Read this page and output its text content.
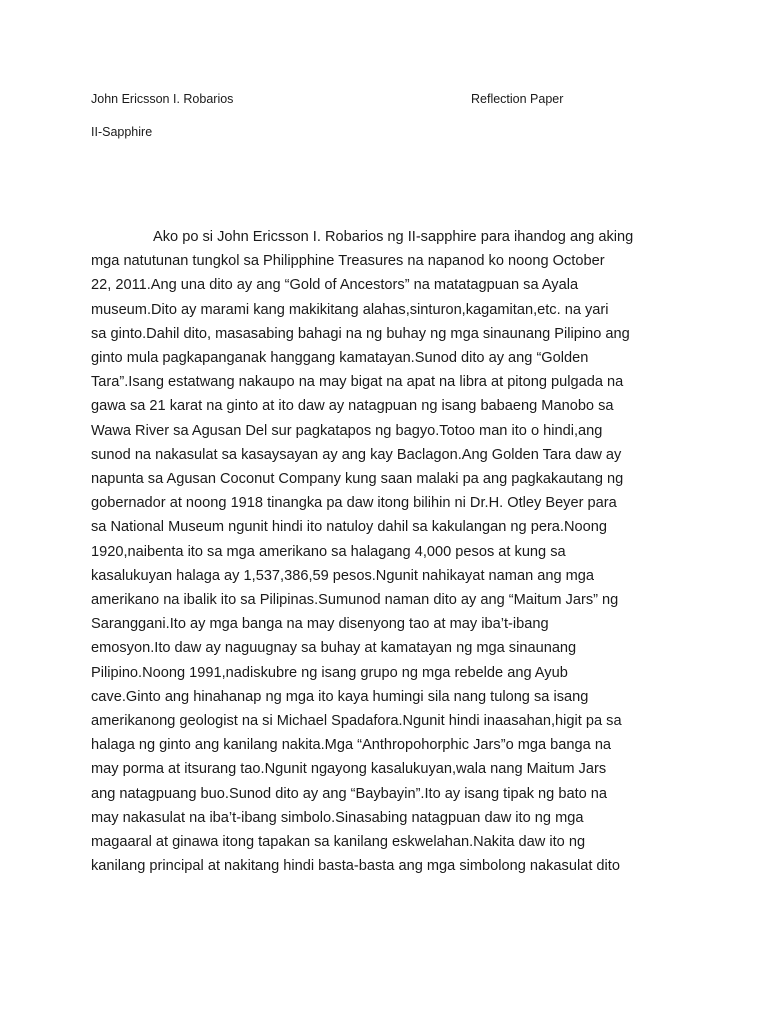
John Ericsson I. Robarios	Reflection Paper
II-Sapphire
Ako po si John Ericsson I. Robarios ng II-sapphire para ihandog ang aking
mga natutunan tungkol sa Philipphine Treasures na napanod ko noong October
22, 2011.Ang una dito ay ang “Gold of Ancestors” na matatagpuan sa Ayala
museum.Dito ay marami kang makikitang alahas,sinturon,kagamitan,etc. na yari
sa ginto.Dahil dito, masasabing bahagi na ng buhay ng mga sinaunang Pilipino ang
ginto mula pagkapanganak hanggang kamatayan.Sunod dito ay ang “Golden
Tara”.Isang estatwang nakaupo na may bigat na apat na libra at pitong pulgada na
gawa sa 21 karat na ginto at ito daw ay natagpuan ng isang babaeng Manobo sa
Wawa River sa Agusan Del sur pagkatapos ng bagyo.Totoo man ito o hindi,ang
sunod na nakasulat sa kasaysayan ay ang kay Baclagon.Ang Golden Tara daw ay
napunta sa Agusan Coconut Company kung saan malaki pa ang pagkakautang ng
gobernador at noong 1918 tinangka pa daw itong bilihin ni Dr.H. Otley Beyer para
sa National Museum ngunit hindi ito natuloy dahil sa kakulangan ng pera.Noong
1920,naibenta ito sa mga amerikano sa halagang 4,000 pesos at kung sa
kasalukuyan halaga ay 1,537,386,59 pesos.Ngunit nahikayat naman ang mga
amerikano na ibalik ito sa Pilipinas.Sumunod naman dito ay ang “Maitum Jars” ng
Saranggani.Ito ay mga banga na may disenyong tao at may iba’t-ibang
emosyon.Ito daw ay naguugnay sa buhay at kamatayan ng mga sinaunang
Pilipino.Noong 1991,nadiskubre ng isang grupo ng mga rebelde ang Ayub
cave.Ginto ang hinahanap ng mga ito kaya humingi sila nang tulong sa isang
amerikanong geologist na si Michael Spadafora.Ngunit hindi inaasahan,higit pa sa
halaga ng ginto ang kanilang nakita.Mga “Anthropohorphic Jars”o mga banga na
may porma at itsurang tao.Ngunit ngayong kasalukuyan,wala nang Maitum Jars
ang natagpuang buo.Sunod dito ay ang “Baybayin”.Ito ay isang tipak ng bato na
may nakasulat na iba’t-ibang simbolo.Sinasabing natagpuan daw ito ng mga
magaaral at ginawa itong tapakan sa kanilang eskwelahan.Nakita daw ito ng
kanilang principal at nakitang hindi basta-basta ang mga simbolong nakasulat dito
